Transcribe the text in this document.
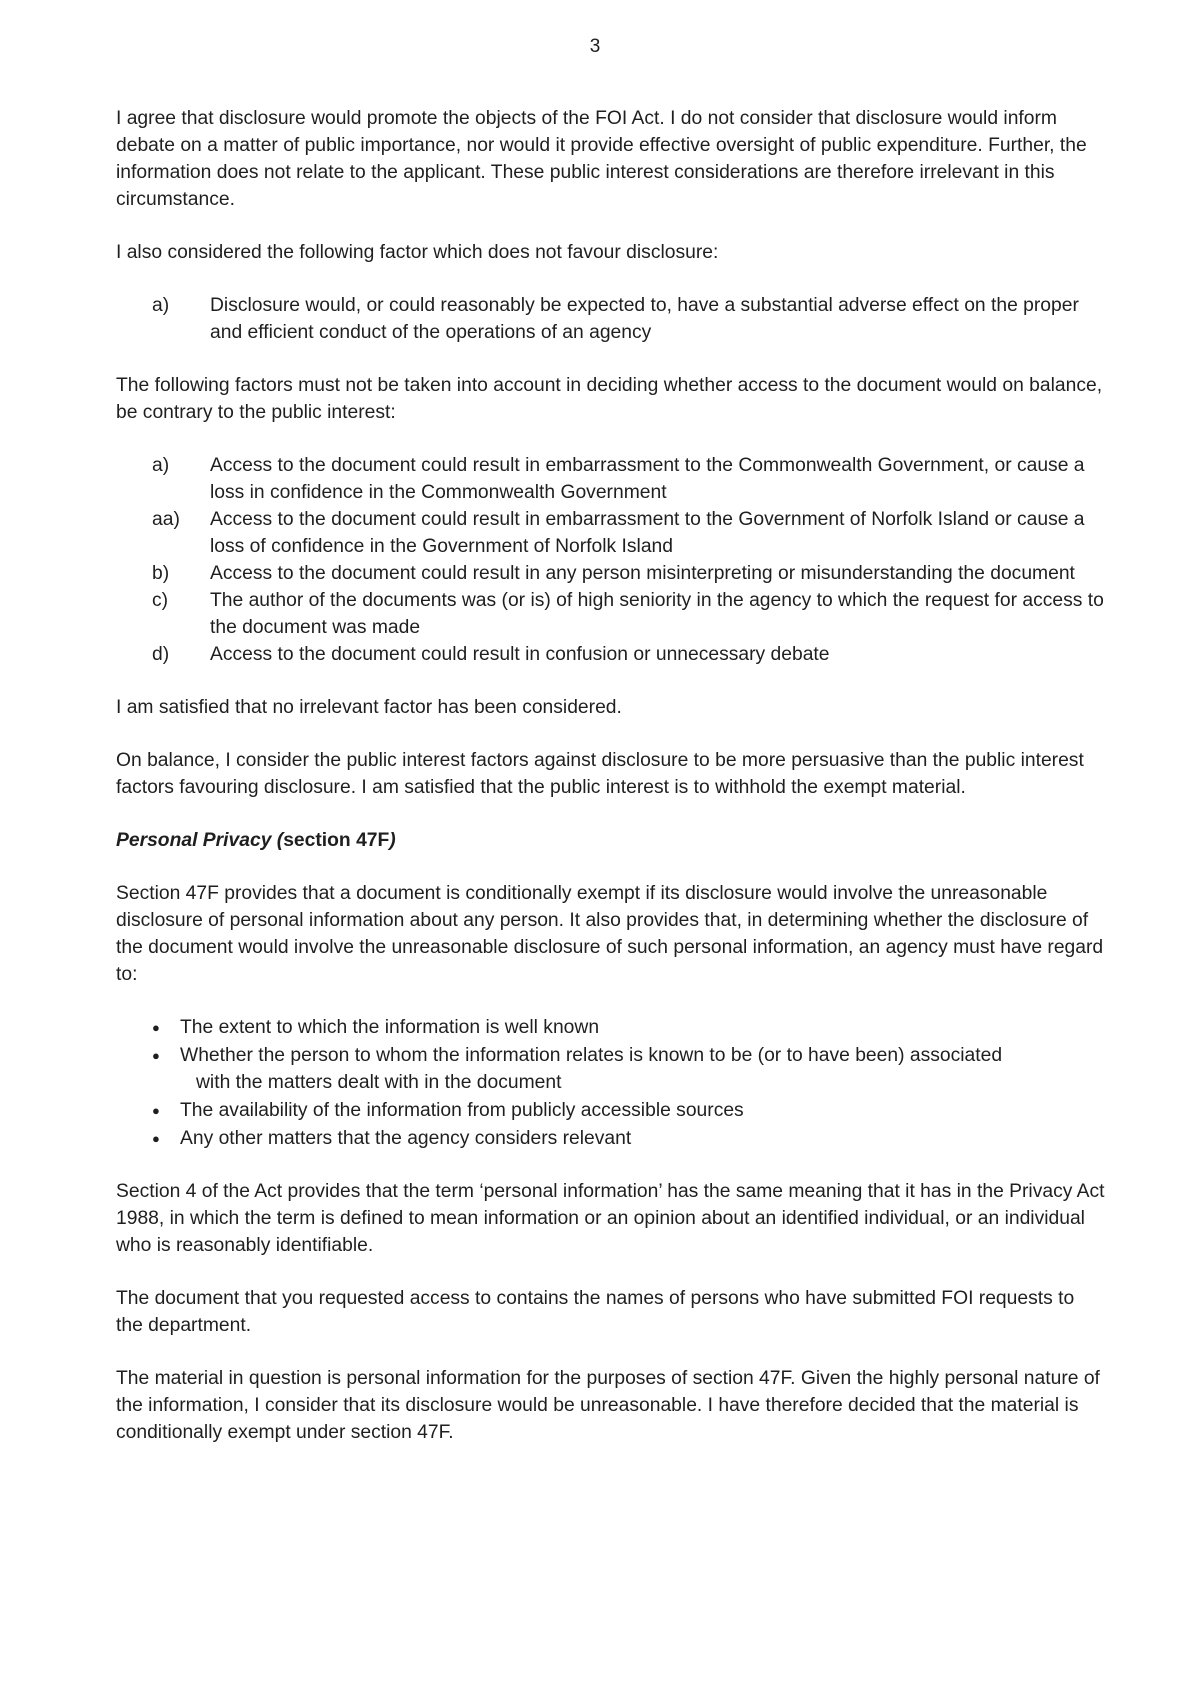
3

I agree that disclosure would promote the objects of the FOI Act. I do not consider that disclosure would inform debate on a matter of public importance, nor would it provide effective oversight of public expenditure. Further, the information does not relate to the applicant. These public interest considerations are therefore irrelevant in this circumstance.

I also considered the following factor which does not favour disclosure:

a)	Disclosure would, or could reasonably be expected to, have a substantial adverse effect on the proper and efficient conduct of the operations of an agency

The following factors must not be taken into account in deciding whether access to the document would on balance, be contrary to the public interest:

a)	Access to the document could result in embarrassment to the Commonwealth Government, or cause a loss in confidence in the Commonwealth Government
aa)	Access to the document could result in embarrassment to the Government of Norfolk Island or cause a loss of confidence in the Government of Norfolk Island
b)	Access to the document could result in any person misinterpreting or misunderstanding the document
c)	The author of the documents was (or is) of high seniority in the agency to which the request for access to the document was made
d)	Access to the document could result in confusion or unnecessary debate

I am satisfied that no irrelevant factor has been considered.

On balance, I consider the public interest factors against disclosure to be more persuasive than the public interest factors favouring disclosure. I am satisfied that the public interest is to withhold the exempt material.

Personal Privacy (section 47F)

Section 47F provides that a document is conditionally exempt if its disclosure would involve the unreasonable disclosure of personal information about any person. It also provides that, in determining whether the disclosure of the document would involve the unreasonable disclosure of such personal information, an agency must have regard to:

●	The extent to which the information is well known
●	Whether the person to whom the information relates is known to be (or to have been) associated
with the matters dealt with in the document
●	The availability of the information from publicly accessible sources
●	Any other matters that the agency considers relevant

Section 4 of the Act provides that the term ‘personal information’ has the same meaning that it has in the Privacy Act 1988, in which the term is defined to mean information or an opinion about an identified individual, or an individual who is reasonably identifiable.

The document that you requested access to contains the names of persons who have submitted FOI requests to the department.

The material in question is personal information for the purposes of section 47F. Given the highly personal nature of the information, I consider that its disclosure would be unreasonable. I have therefore decided that the material is conditionally exempt under section 47F.
